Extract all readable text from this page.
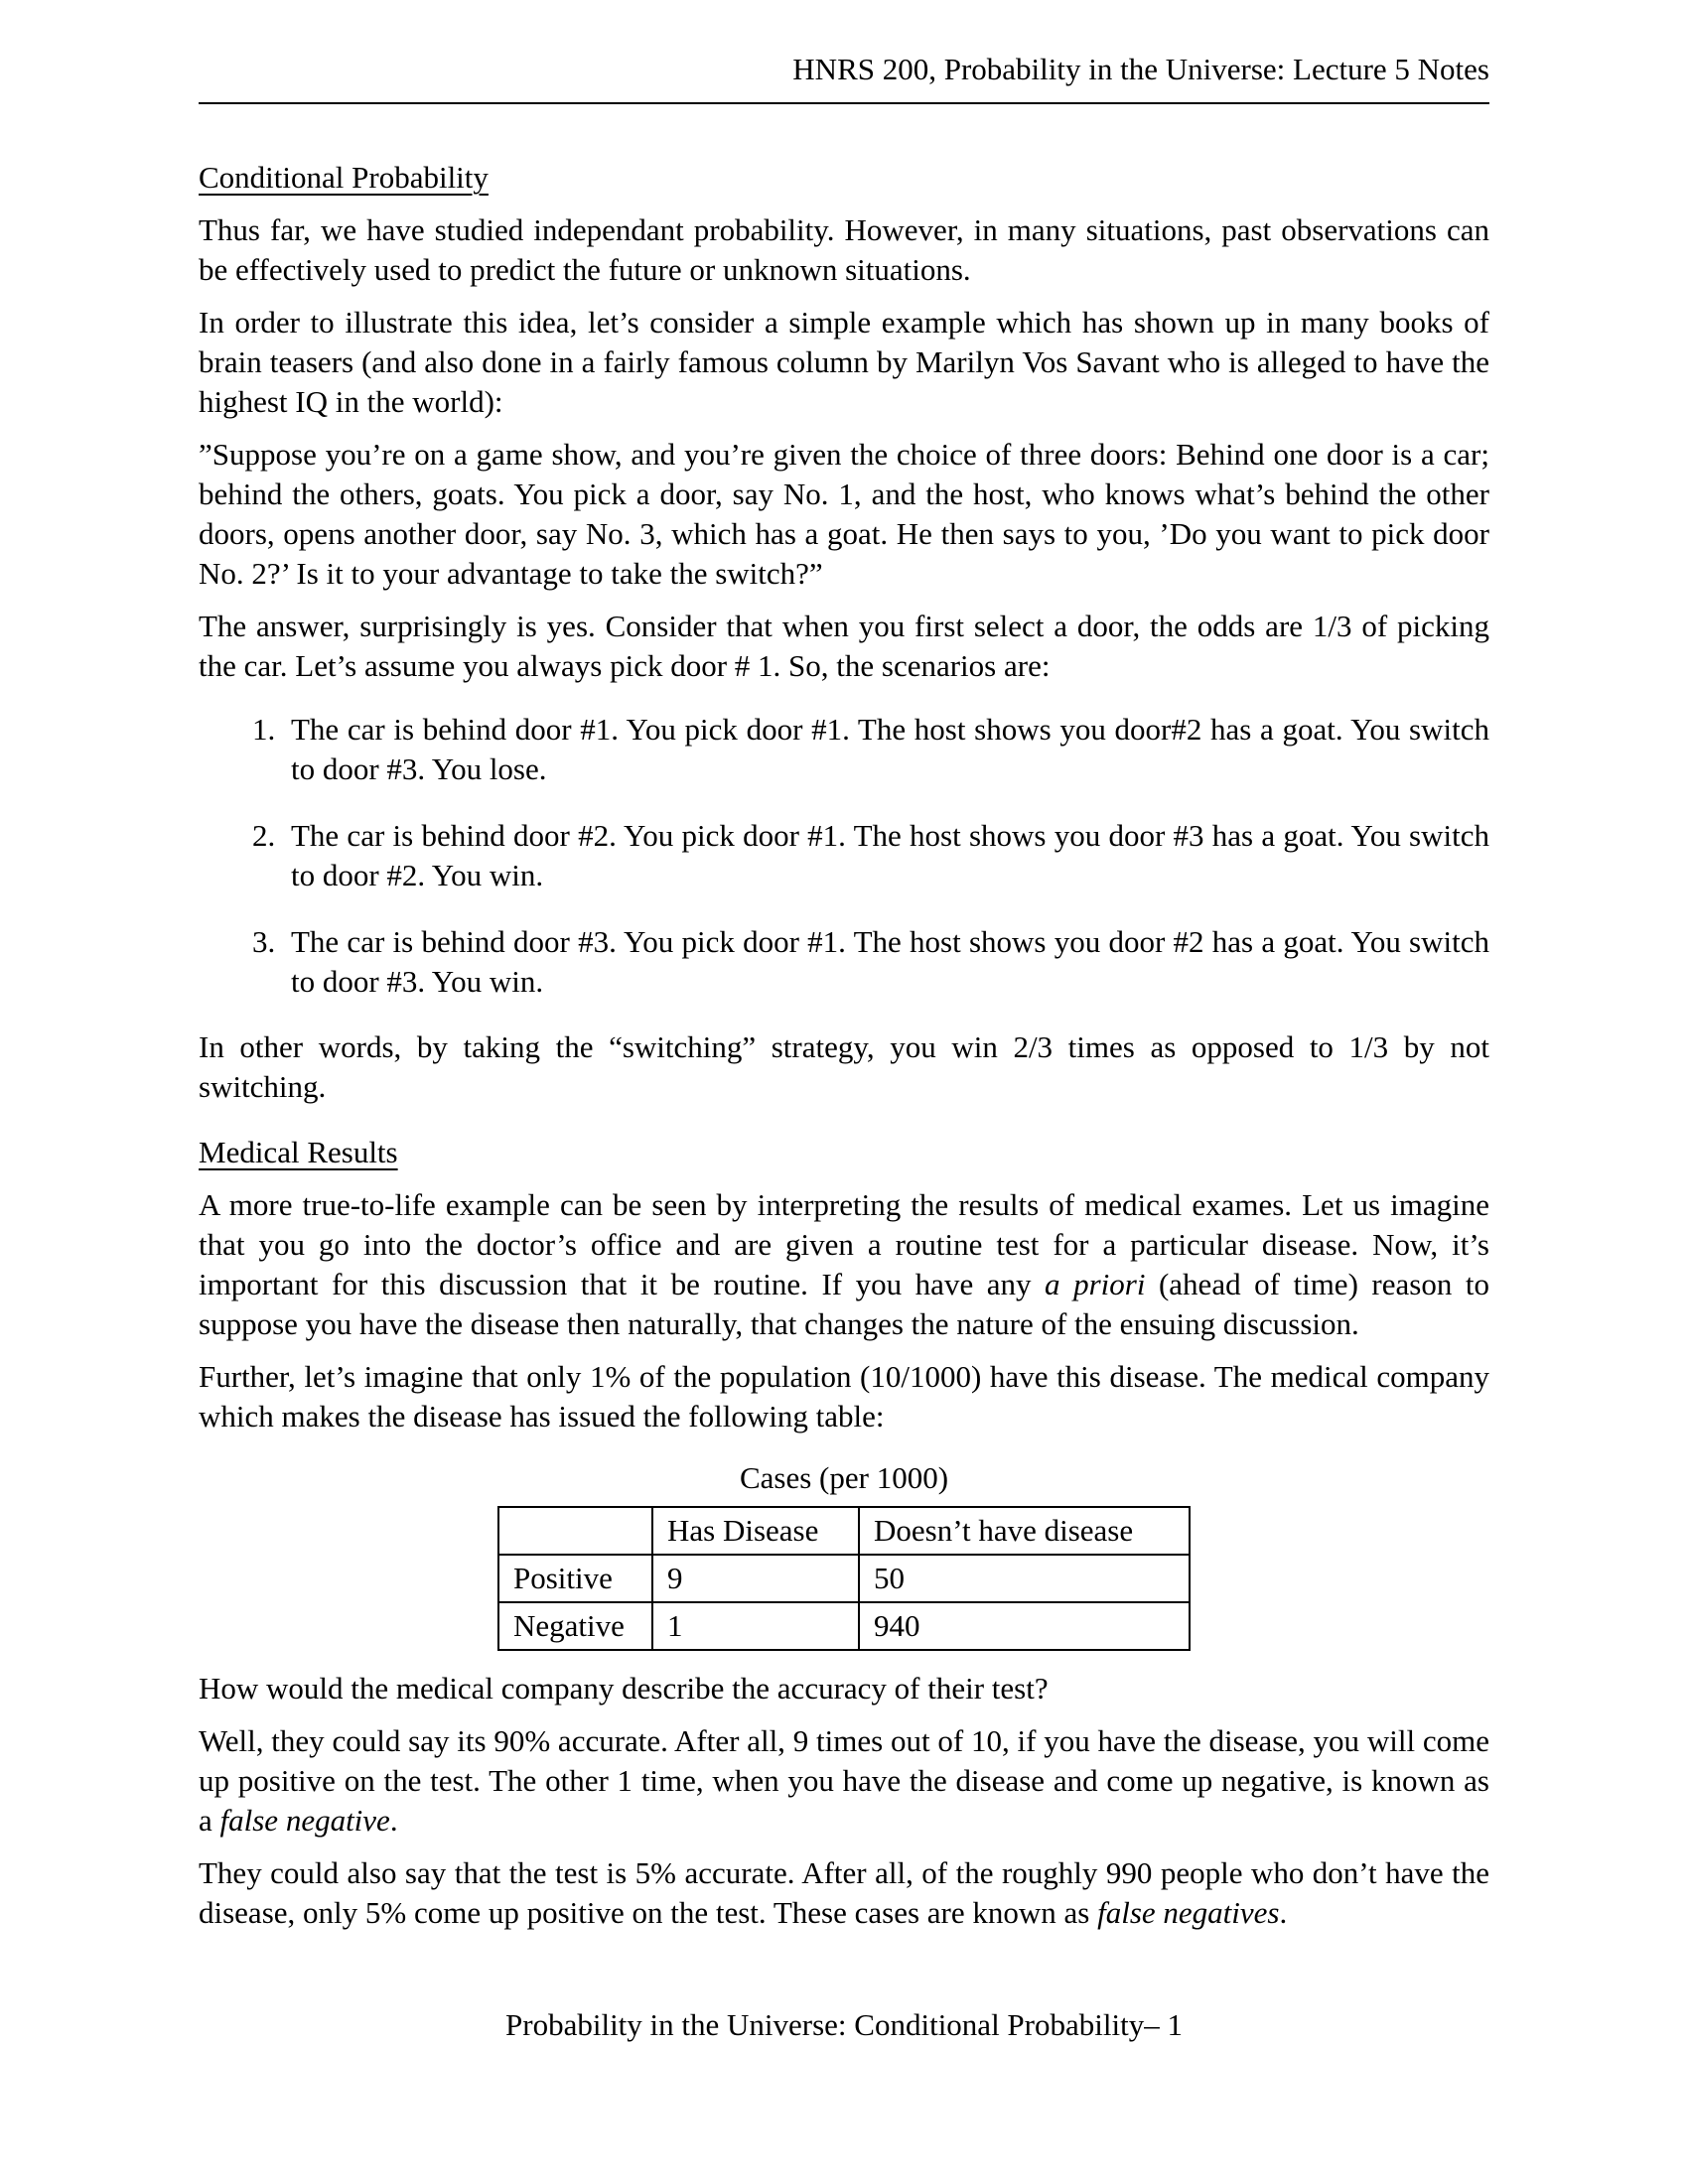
HNRS 200, Probability in the Universe: Lecture 5 Notes
Conditional Probability

Thus far, we have studied independant probability. However, in many situations, past observations can be effectively used to predict the future or unknown situations.

In order to illustrate this idea, let’s consider a simple example which has shown up in many books of brain teasers (and also done in a fairly famous column by Marilyn Vos Savant who is alleged to have the highest IQ in the world):

”Suppose you’re on a game show, and you’re given the choice of three doors: Behind one door is a car; behind the others, goats. You pick a door, say No. 1, and the host, who knows what’s behind the other doors, opens another door, say No. 3, which has a goat. He then says to you, ’Do you want to pick door No. 2?’ Is it to your advantage to take the switch?”

The answer, surprisingly is yes. Consider that when you first select a door, the odds are 1/3 of picking the car. Let’s assume you always pick door # 1. So, the scenarios are:

1. The car is behind door #1. You pick door #1. The host shows you door#2 has a goat. You switch to door #3. You lose.
2. The car is behind door #2. You pick door #1. The host shows you door #3 has a goat. You switch to door #2. You win.
3. The car is behind door #3. You pick door #1. The host shows you door #2 has a goat. You switch to door #3. You win.

In other words, by taking the “switching” strategy, you win 2/3 times as opposed to 1/3 by not switching.

Medical Results

A more true-to-life example can be seen by interpreting the results of medical exames. Let us imagine that you go into the doctor’s office and are given a routine test for a particular disease. Now, it’s important for this discussion that it be routine. If you have any a priori (ahead of time) reason to suppose you have the disease then naturally, that changes the nature of the ensuing discussion.

Further, let’s imagine that only 1% of the population (10/1000) have this disease. The medical company which makes the disease has issued the following table:

Cases (per 1000)

	Has Disease	Doesn’t have disease
Positive	9	50
Negative	1	940

How would the medical company describe the accuracy of their test?

Well, they could say its 90% accurate. After all, 9 times out of 10, if you have the disease, you will come up positive on the test. The other 1 time, when you have the disease and come up negative, is known as a false negative.

They could also say that the test is 5% accurate. After all, of the roughly 990 people who don’t have the disease, only 5% come up positive on the test. These cases are known as false negatives.

Probability in the Universe: Conditional Probability– 1
